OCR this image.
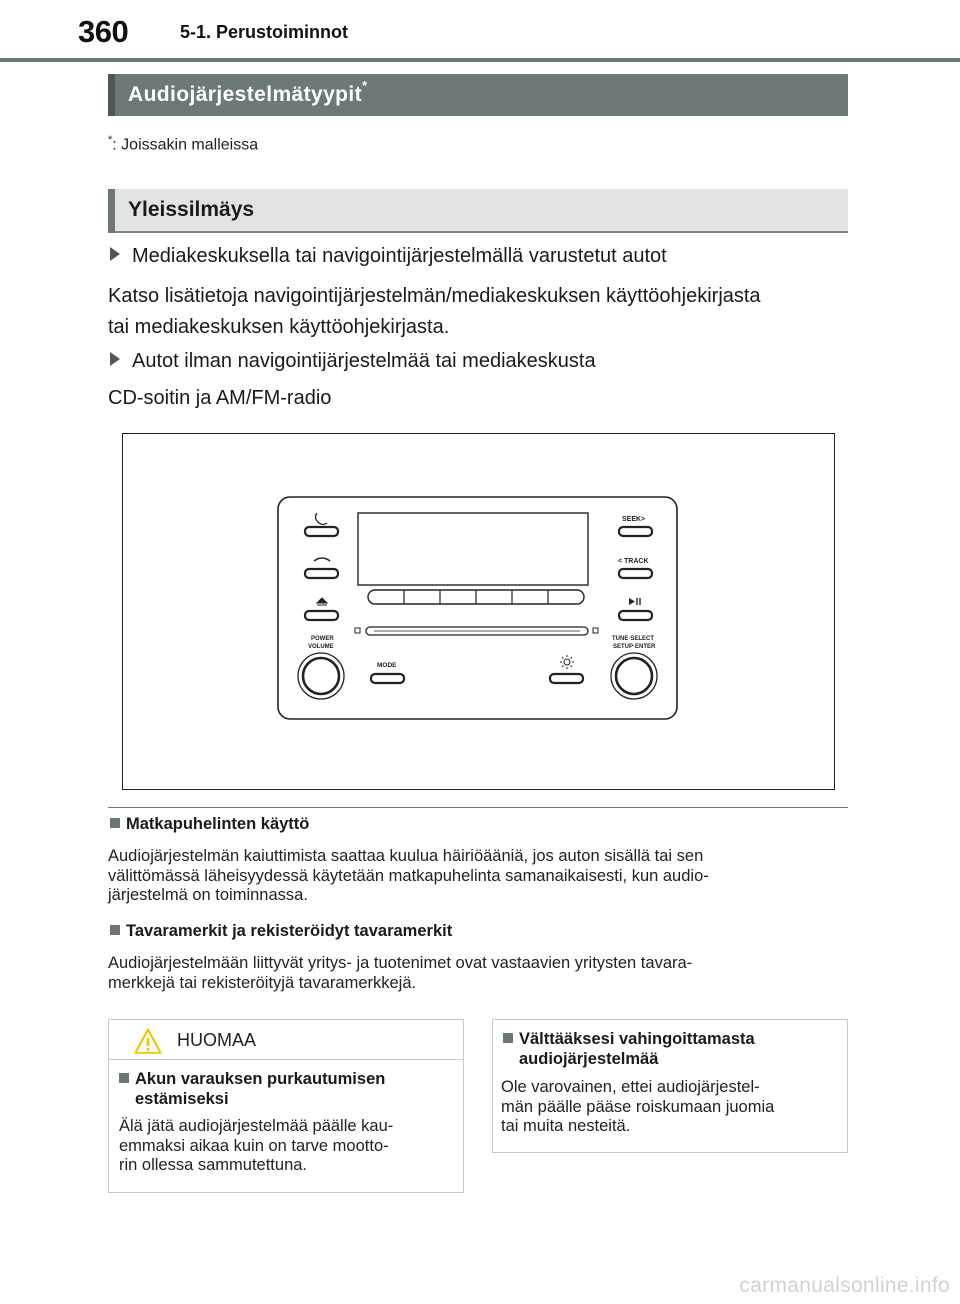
360	5-1. Perustoiminnot
Audiojärjestelmätyypit*
*: Joissakin malleissa
Yleissilmäys
Mediakeskuksella tai navigointijärjestelmällä varustetut autot
Katso lisätietoja navigointijärjestelmän/mediakeskuksen käyttöohjekirjasta
tai mediakeskuksen käyttöohjekirjasta.
Autot ilman navigointijärjestelmää tai mediakeskusta
CD-soitin ja AM/FM-radio
SEEK>
< TRACK
POWER
VOLUME
TUNE·SELECT
SETUP·ENTER
MODE
Matkapuhelinten käyttö
Audiojärjestelmän kaiuttimista saattaa kuulua häiriöääniä, jos auton sisällä tai sen
välittömässä läheisyydessä käytetään matkapuhelinta samanaikaisesti, kun audio-
järjestelmä on toiminnassa.
Tavaramerkit ja rekisteröidyt tavaramerkit
Audiojärjestelmään liittyvät yritys- ja tuotenimet ovat vastaavien yritysten tavara-
merkkejä tai rekisteröityjä tavaramerkkejä.
HUOMAA
Akun varauksen purkautumisen
estämiseksi
Älä jätä audiojärjestelmää päälle kau-
emmaksi aikaa kuin on tarve mootto-
rin ollessa sammutettuna.
Välttääksesi vahingoittamasta
audiojärjestelmää
Ole varovainen, ettei audiojärjestel-
män päälle pääse roiskumaan juomia
tai muita nesteitä.
carmanualsonline.info
